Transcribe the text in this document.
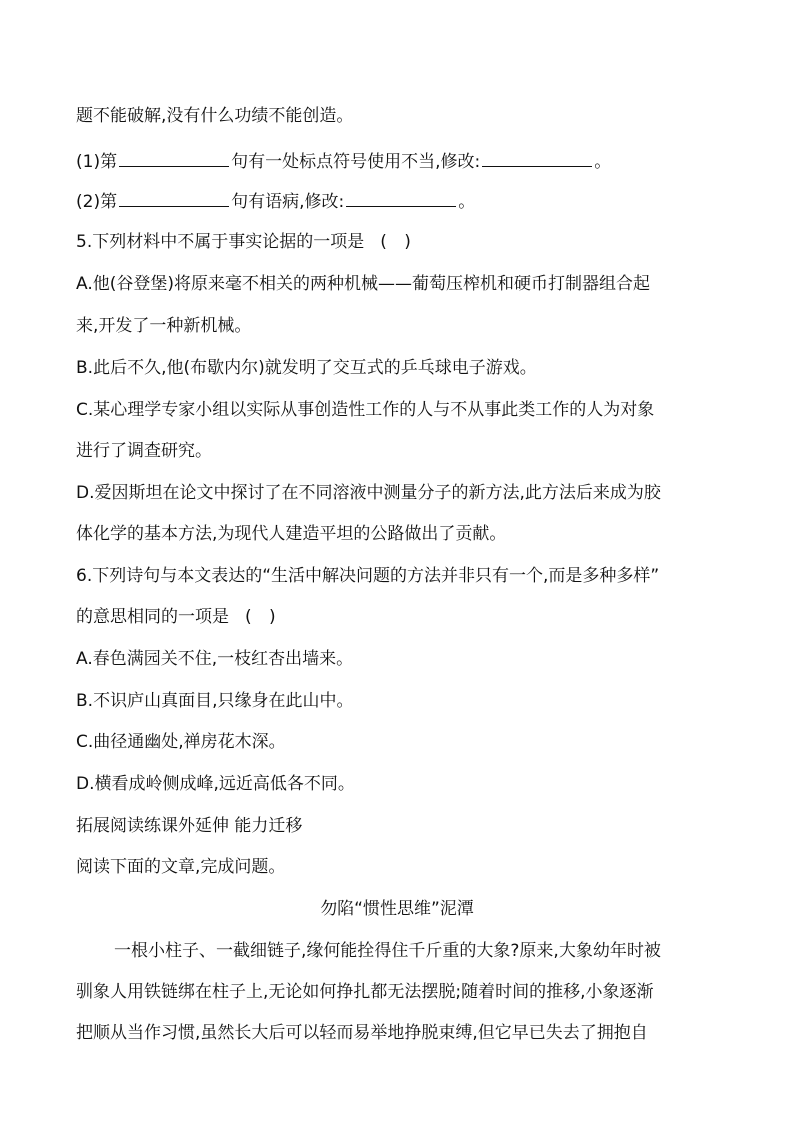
题不能破解,没有什么功绩不能创造。
(1)第	句有一处标点符号使用不当,修改:	。
(2)第	句有语病,修改:	。
5.下列材料中不属于事实论据的一项是 ( )
A.他(谷登堡)将原来毫不相关的两种机械——葡萄压榨机和硬币打制器组合起
来,开发了一种新机械。
B.此后不久,他(布歇内尔)就发明了交互式的乒乓球电子游戏。
C.某心理学专家小组以实际从事创造性工作的人与不从事此类工作的人为对象
进行了调查研究。
D.爱因斯坦在论文中探讨了在不同溶液中测量分子的新方法,此方法后来成为胶
体化学的基本方法,为现代人建造平坦的公路做出了贡献。
6.下列诗句与本文表达的“生活中解决问题的方法并非只有一个,而是多种多样”
的意思相同的一项是 ( )
A.春色满园关不住,一枝红杏出墙来。
B.不识庐山真面目,只缘身在此山中。
C.曲径通幽处,禅房花木深。
D.横看成岭侧成峰,远近高低各不同。
拓展阅读练课外延伸 能力迁移
阅读下面的文章,完成问题。
勿陷“惯性思维”泥潭
一根小柱子、一截细链子,缘何能拴得住千斤重的大象?原来,大象幼年时被
驯象人用铁链绑在柱子上,无论如何挣扎都无法摆脱;随着时间的推移,小象逐渐
把顺从当作习惯,虽然长大后可以轻而易举地挣脱束缚,但它早已失去了拥抱自
